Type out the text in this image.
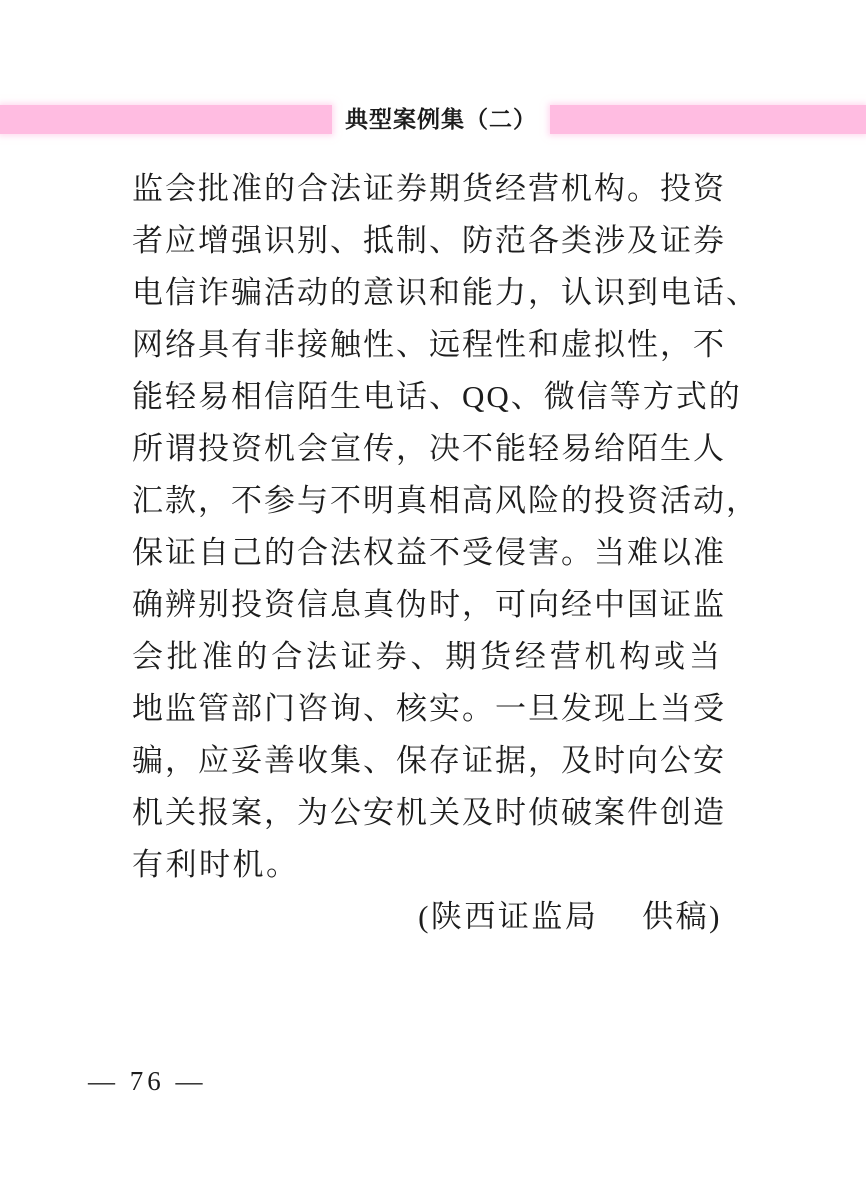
典型案例集（二）
监会批准的合法证券期货经营机构。投资
者应增强识别、抵制、防范各类涉及证券
电信诈骗活动的意识和能力，认识到电话、
网络具有非接触性、远程性和虚拟性，不
能轻易相信陌生电话、QQ、微信等方式的
所谓投资机会宣传，决不能轻易给陌生人
汇款，不参与不明真相高风险的投资活动，
保证自己的合法权益不受侵害。当难以准
确辨别投资信息真伪时，可向经中国证监
会批准的合法证券、期货经营机构或当
地监管部门咨询、核实。一旦发现上当受
骗，应妥善收集、保存证据，及时向公安
机关报案，为公安机关及时侦破案件创造
有利时机。
(陕西证监局　 供稿)
— 76 —
